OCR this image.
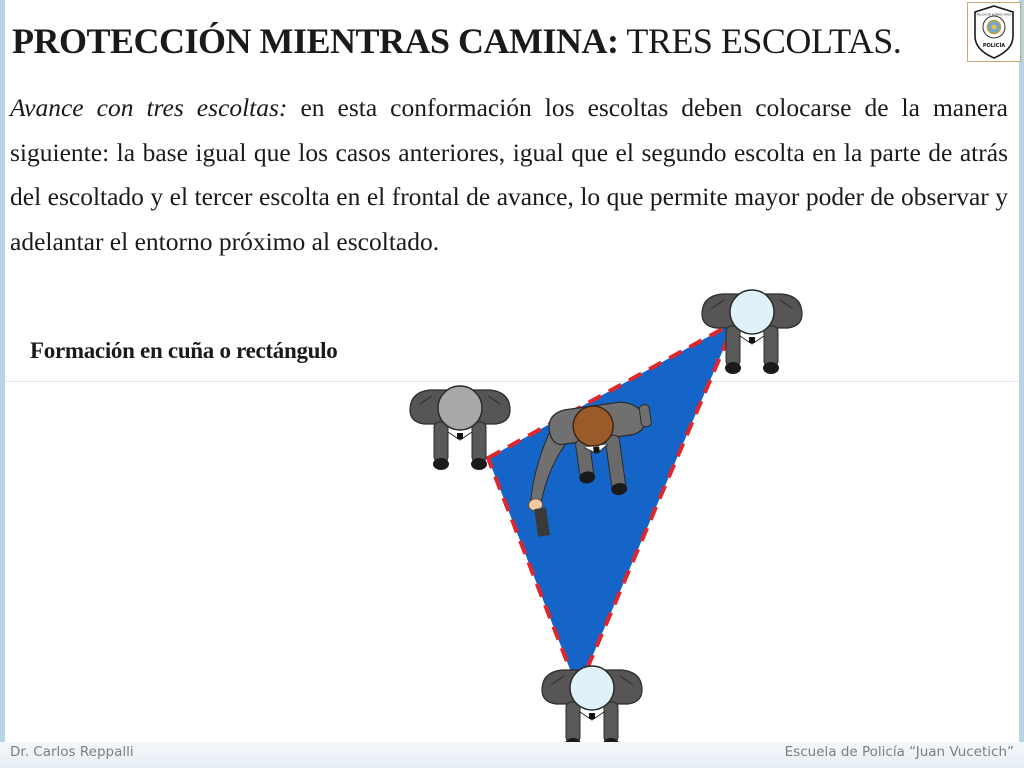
PROTECCIÓN MIENTRAS CAMINA: TRES ESCOLTAS.
POLICÍA DE BUENOS AIRES
POLICÍA

Avance con tres escoltas: en esta conformación los escoltas deben colocarse de la manera siguiente: la base igual que los casos anteriores, igual que el segundo escolta en la parte de atrás del escoltado y el tercer escolta en el frontal de avance, lo que permite mayor poder de observar y adelantar el entorno próximo al escoltado.

Formación en cuña o rectángulo
Dr. Carlos Reppalli	Escuela de Policía “Juan Vucetich”
